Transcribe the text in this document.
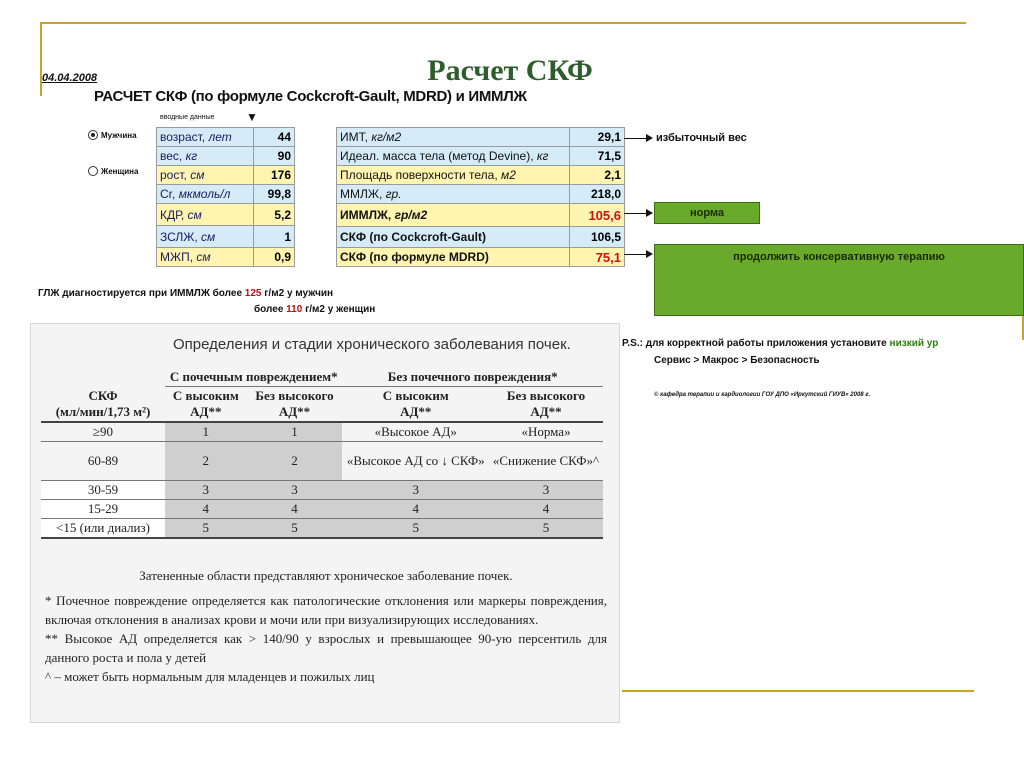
Расчет СКФ
04.04.2008
РАСЧЕТ СКФ (по формуле Cockcroft-Gault, MDRD) и ИММЛЖ
вводные данные	▼
Мужчина
Женщина
возраст, лет	44
вес, кг	90
рост, см	176
Cr, мкмоль/л	99,8
КДР, см	5,2
ЗСЛЖ, см	1
МЖП, см	0,9
ИМТ, кг/м2	29,1
Идеал. масса тела (метод Devine), кг	71,5
Площадь поверхности тела, м2	2,1
ММЛЖ, гр.	218,0
ИММЛЖ, гр/м2	105,6
СКФ (по Cockcroft-Gault)	106,5
СКФ (по формуле MDRD)	75,1
избыточный вес
норма
продолжить консервативную терапию
ГЛЖ диагностируется при ИММЛЖ более 125 г/м2 у мужчин
более 110 г/м2 у женщин
P.S.: для корректной работы приложения установите низкий ур
Сервис > Макрос > Безопасность
© кафедра терапии и кардиологии ГОУ ДПО «Иркутский ГИУВ» 2008 г.
Определения и стадии хронического заболевания почек.
	С почечным повреждением*		Без почечного повреждения*	
СКФ
(мл/мин/1,73 м²)	С высоким
АД**	Без высокого
АД**	С высоким
АД**	Без высокого
АД**
≥90	1	1	«Высокое АД»	«Норма»
60-89	2	2	«Высокое АД со ↓ СКФ»	«Снижение СКФ»^
30-59	3	3	3	3
15-29	4	4	4	4
<15 (или диализ)	5	5	5	5

Затененные области представляют хроническое заболевание почек.

* Почечное повреждение определяется как патологические отклонения или маркеры повреждения, включая отклонения в анализах крови и мочи или при визуализирующих исследованиях.

** Высокое АД определяется как > 140/90 у взрослых и превышающее 90-ую персентиль для данного роста и пола у детей

^ – может быть нормальным для младенцев и пожилых лиц
